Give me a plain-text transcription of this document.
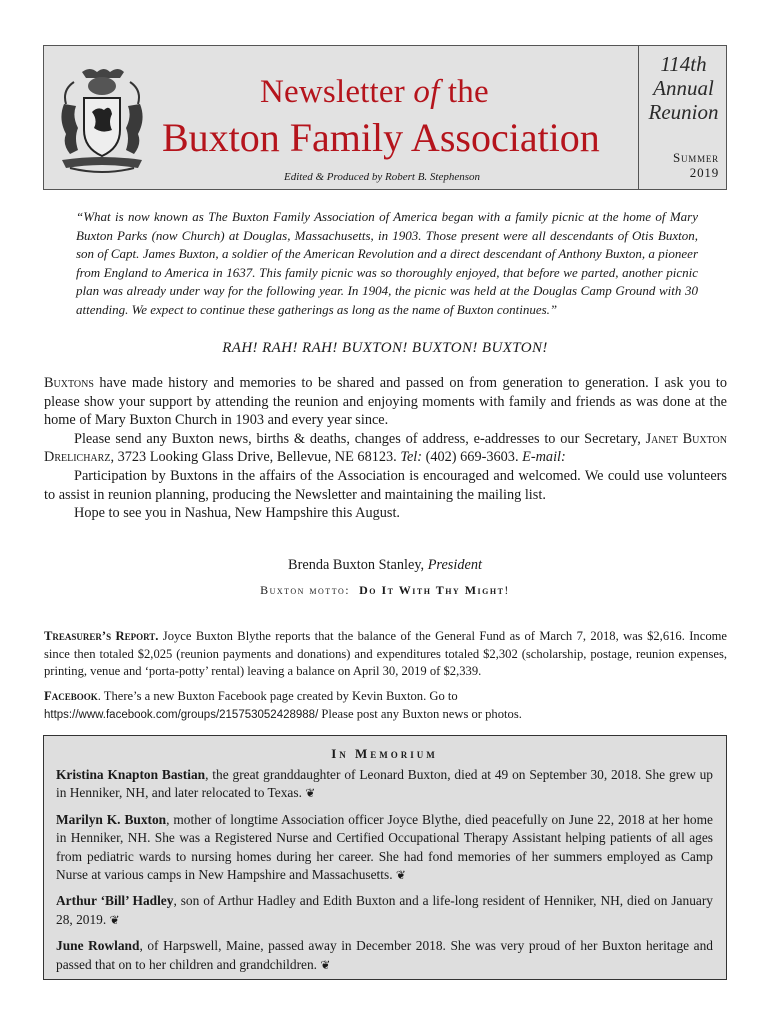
Newsletter of the
Buxton Family Association
Edited & Produced by Robert B. Stephenson
114th
Annual
Reunion
Summer
2019
“What is now known as The Buxton Family Association of America began with a family picnic at the home of Mary Buxton Parks (now Church) at Douglas, Massachusetts, in 1903. Those present were all descendants of Otis Buxton, son of Capt. James Buxton, a soldier of the American Revolution and a direct descendant of Anthony Buxton, a pioneer from England to America in 1637. This family picnic was so thoroughly enjoyed, that before we parted, another picnic plan was already under way for the following year. In 1904, the picnic was held at the Douglas Camp Ground with 30 attending. We expect to continue these gatherings as long as the name of Buxton continues.”
RAH! RAH! RAH! BUXTON! BUXTON! BUXTON!

Buxtons have made history and memories to be shared and passed on from generation to generation. I ask you to please show your support by attending the reunion and enjoying moments with family and friends as was done at the home of Mary Buxton Church in 1903 and every year since.

Please send any Buxton news, births & deaths, changes of address, e-addresses to our Secretary, Janet Buxton Drelicharz, 3723 Looking Glass Drive, Bellevue, NE 68123. Tel: (402) 669-3603. E-mail:

Participation by Buxtons in the affairs of the Association is encouraged and welcomed. We could use volunteers to assist in reunion planning, producing the Newsletter and maintaining the mailing list.

Hope to see you in Nashua, New Hampshire this August.

Brenda Buxton Stanley, President
Buxton motto: Do It With Thy Might!
Treasurer’s Report. Joyce Buxton Blythe reports that the balance of the General Fund as of March 7, 2018, was $2,616. Income since then totaled $2,025 (reunion payments and donations) and expenditures totaled $2,302 (scholarship, postage, reunion expenses, printing, venue and ‘porta-potty’ rental) leaving a balance on April 30, 2019 of $2,339.
Facebook. There’s a new Buxton Facebook page created by Kevin Buxton. Go to https://www.facebook.com/groups/215753052428988/ Please post any Buxton news or photos.
In Memorium
Kristina Knapton Bastian, the great granddaughter of Leonard Buxton, died at 49 on September 30, 2018. She grew up in Henniker, NH, and later relocated to Texas. ❦
Marilyn K. Buxton, mother of longtime Association officer Joyce Blythe, died peacefully on June 22, 2018 at her home in Henniker, NH. She was a Registered Nurse and Certified Occupational Therapy Assistant helping patients of all ages from pediatric wards to nursing homes during her career. She had fond memories of her summers employed as Camp Nurse at various camps in New Hampshire and Massachusetts. ❦
Arthur ‘Bill’ Hadley, son of Arthur Hadley and Edith Buxton and a life-long resident of Henniker, NH, died on January 28, 2019. ❦
June Rowland, of Harpswell, Maine, passed away in December 2018. She was very proud of her Buxton heritage and passed that on to her children and grandchildren. ❦
